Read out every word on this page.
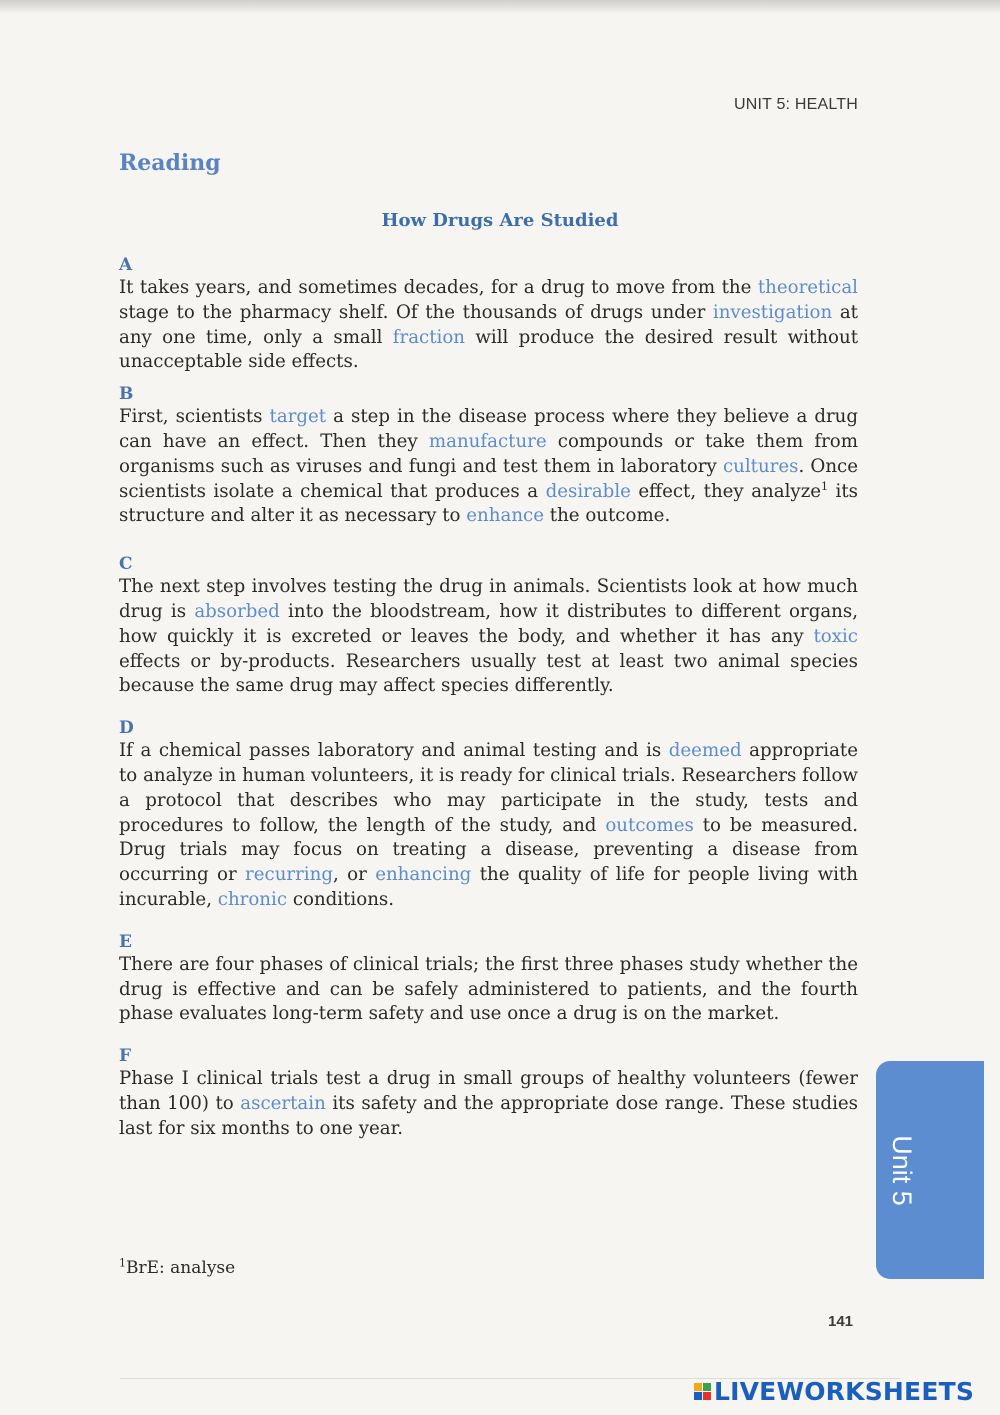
UNIT 5: HEALTH
Reading
How Drugs Are Studied
A

It takes years, and sometimes decades, for a drug to move from the theoretical stage to the pharmacy shelf. Of the thousands of drugs under investigation at any one time, only a small fraction will produce the desired result without unacceptable side effects.

B

First, scientists target a step in the disease process where they believe a drug can have an effect. Then they manufacture compounds or take them from organisms such as viruses and fungi and test them in laboratory cultures. Once scientists isolate a chemical that produces a desirable effect, they analyze$^1$ its structure and alter it as necessary to enhance the outcome.

C

The next step involves testing the drug in animals. Scientists look at how much drug is absorbed into the bloodstream, how it distributes to different organs, how quickly it is excreted or leaves the body, and whether it has any toxic effects or by-products. Researchers usually test at least two animal species because the same drug may affect species differently.

D

If a chemical passes laboratory and animal testing and is deemed appropriate to analyze in human volunteers, it is ready for clinical trials. Researchers follow a protocol that describes who may participate in the study, tests and procedures to follow, the length of the study, and outcomes to be measured. Drug trials may focus on treating a disease, preventing a disease from occurring or recurring, or enhancing the quality of life for people living with incurable, chronic conditions.

E

There are four phases of clinical trials; the first three phases study whether the drug is effective and can be safely administered to patients, and the fourth phase evaluates long-term safety and use once a drug is on the market.

F

Phase I clinical trials test a drug in small groups of healthy volunteers (fewer than 100) to ascertain its safety and the appropriate dose range. These studies last for six months to one year.

$^1$BrE: analyse
141
Unit 5
LIVEWORKSHEETS
